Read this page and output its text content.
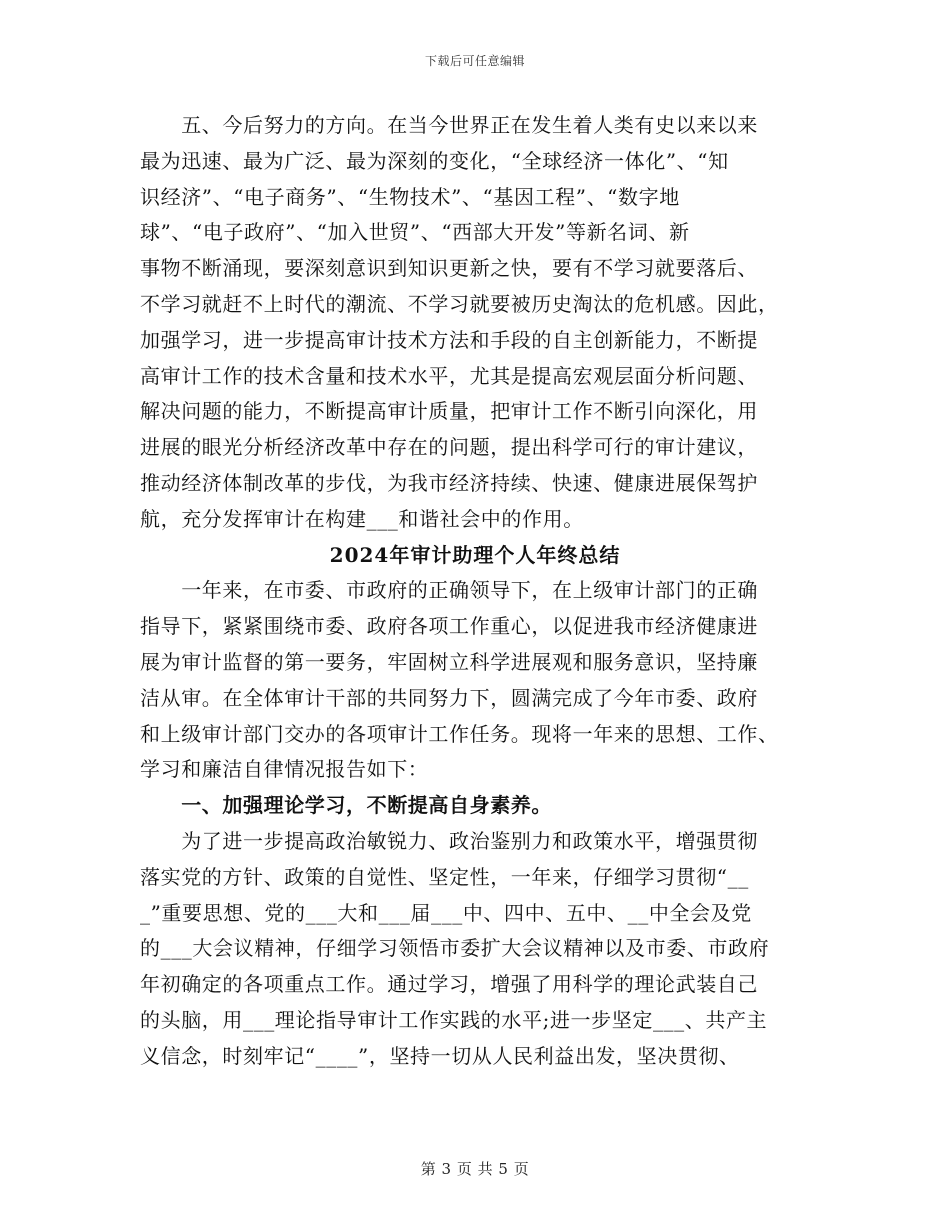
下载后可任意编辑
　　五、今后努力的方向。在当今世界正在发生着人类有史以来以来
最为迅速、最为广泛、最为深刻的变化，“全球经济一体化”、“知
识经济”、“电子商务”、“生物技术”、“基因工程”、“数字地
球”、“电子政府”、“加入世贸”、“西部大开发”等新名词、新
事物不断涌现，要深刻意识到知识更新之快，要有不学习就要落后、
不学习就赶不上时代的潮流、不学习就要被历史淘汰的危机感。因此，
加强学习，进一步提高审计技术方法和手段的自主创新能力，不断提
高审计工作的技术含量和技术水平，尤其是提高宏观层面分析问题、
解决问题的能力，不断提高审计质量，把审计工作不断引向深化，用
进展的眼光分析经济改革中存在的问题，提出科学可行的审计建议，
推动经济体制改革的步伐，为我市经济持续、快速、健康进展保驾护
航，充分发挥审计在构建___和谐社会中的作用。
2024年审计助理个人年终总结
　　一年来，在市委、市政府的正确领导下，在上级审计部门的正确
指导下，紧紧围绕市委、政府各项工作重心，以促进我市经济健康进
展为审计监督的第一要务，牢固树立科学进展观和服务意识，坚持廉
洁从审。在全体审计干部的共同努力下，圆满完成了今年市委、政府
和上级审计部门交办的各项审计工作任务。现将一年来的思想、工作、
学习和廉洁自律情况报告如下：
　　一、加强理论学习，不断提高自身素养。
　　为了进一步提高政治敏锐力、政治鉴别力和政策水平，增强贯彻
落实党的方针、政策的自觉性、坚定性，一年来，仔细学习贯彻“__
_”重要思想、党的___大和___届___中、四中、五中、__中全会及党
的___大会议精神，仔细学习领悟市委扩大会议精神以及市委、市政府
年初确定的各项重点工作。通过学习，增强了用科学的理论武装自己
的头脑，用___理论指导审计工作实践的水平;进一步坚定___、共产主
义信念，时刻牢记“____”，坚持一切从人民利益出发，坚决贯彻、
第 3 页 共 5 页
